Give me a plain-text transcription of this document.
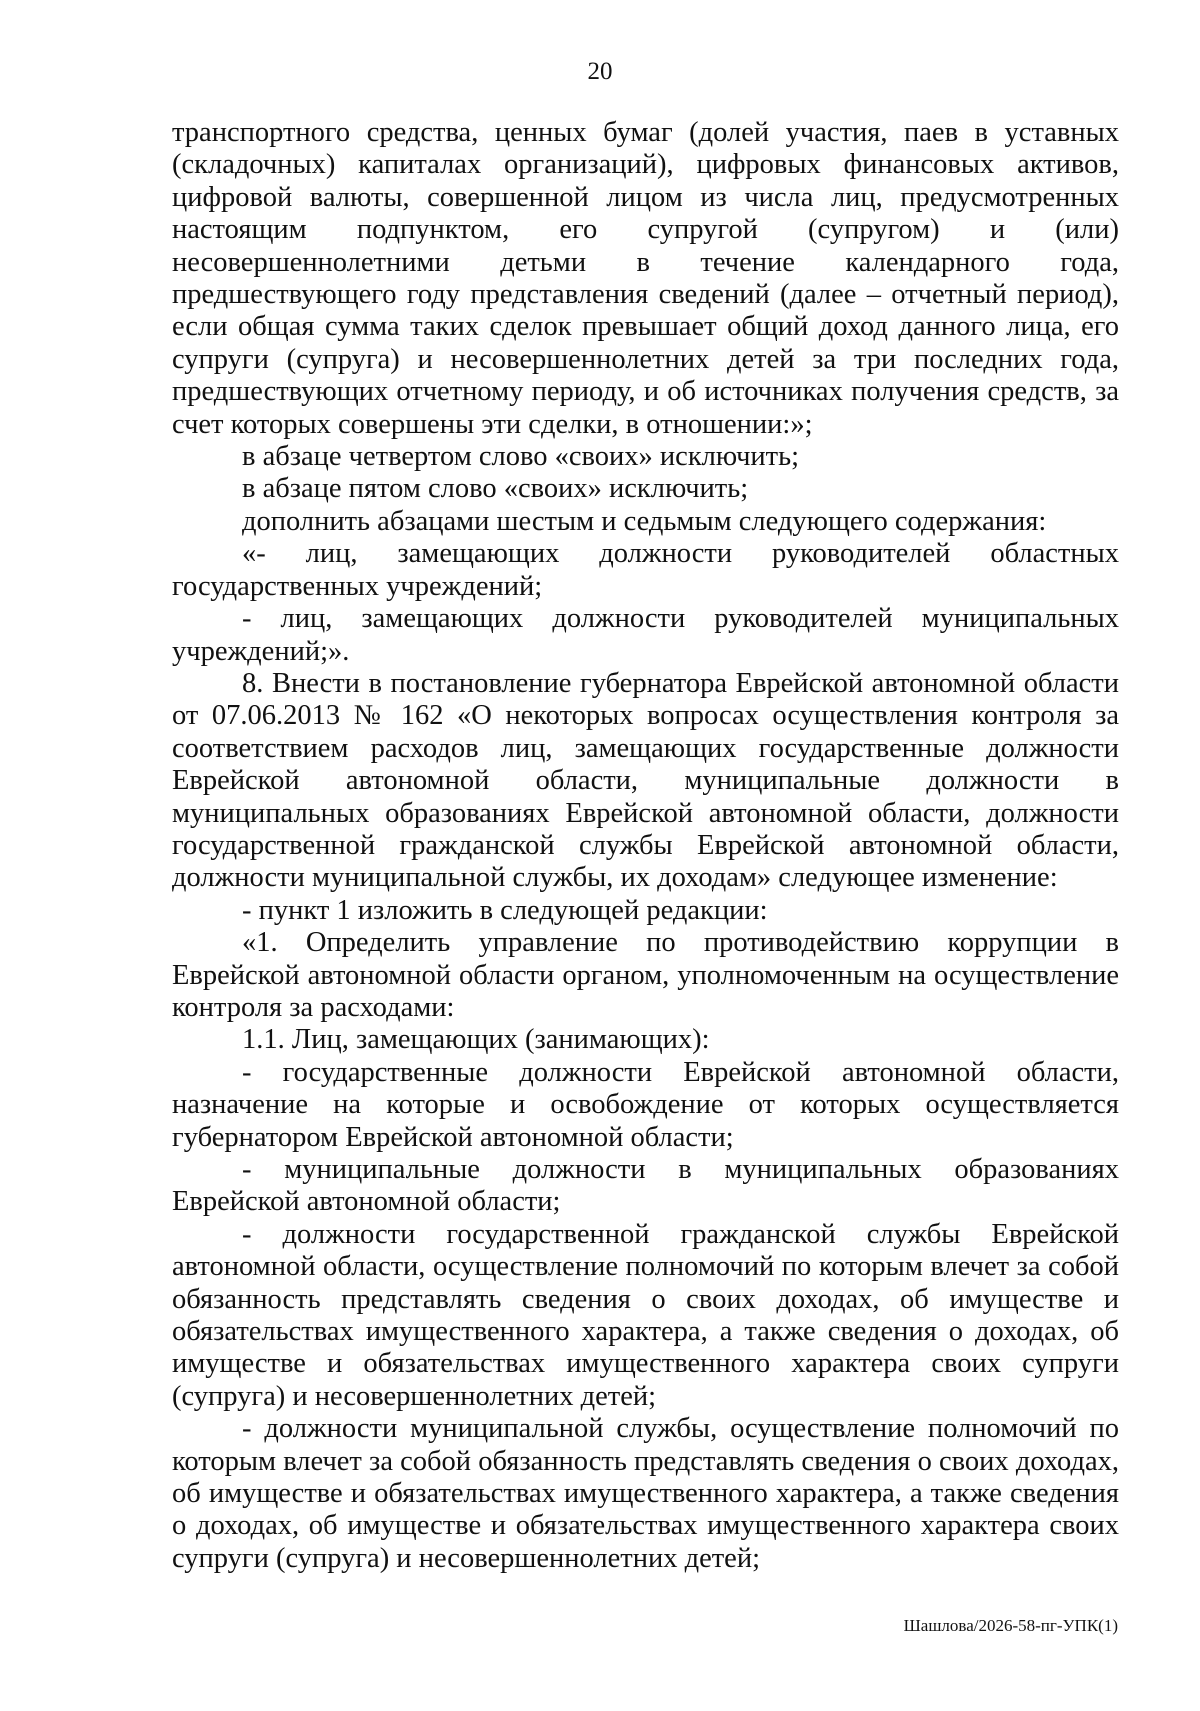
20

транспортного средства, ценных бумаг (долей участия, паев в уставных (складочных) капиталах организаций), цифровых финансовых активов, цифровой валюты, совершенной лицом из числа лиц, предусмотренных настоящим подпунктом, его супругой (супругом) и (или) несовершеннолетними детьми в течение календарного года, предшествующего году представления сведений (далее – отчетный период), если общая сумма таких сделок превышает общий доход данного лица, его супруги (супруга) и несовершеннолетних детей за три последних года, предшествующих отчетному периоду, и об источниках получения средств, за счет которых совершены эти сделки, в отношении:»;

в абзаце четвертом слово «своих» исключить;

в абзаце пятом слово «своих» исключить;

дополнить абзацами шестым и седьмым следующего содержания:

«- лиц, замещающих должности руководителей областных государственных учреждений;

- лиц, замещающих должности руководителей муниципальных учреждений;».

8. Внести в постановление губернатора Еврейской автономной области от 07.06.2013 № 162 «О некоторых вопросах осуществления контроля за соответствием расходов лиц, замещающих государственные должности Еврейской автономной области, муниципальные должности в муниципальных образованиях Еврейской автономной области, должности государственной гражданской службы Еврейской автономной области, должности муниципальной службы, их доходам» следующее изменение:

- пункт 1 изложить в следующей редакции:

«1. Определить управление по противодействию коррупции в Еврейской автономной области органом, уполномоченным на осуществление контроля за расходами:

1.1. Лиц, замещающих (занимающих):

- государственные должности Еврейской автономной области, назначение на которые и освобождение от которых осуществляется губернатором Еврейской автономной области;

- муниципальные должности в муниципальных образованиях Еврейской автономной области;

- должности государственной гражданской службы Еврейской автономной области, осуществление полномочий по которым влечет за собой обязанность представлять сведения о своих доходах, об имуществе и обязательствах имущественного характера, а также сведения о доходах, об имуществе и обязательствах имущественного характера своих супруги (супруга) и несовершеннолетних детей;

- должности муниципальной службы, осуществление полномочий по которым влечет за собой обязанность представлять сведения о своих доходах, об имуществе и обязательствах имущественного характера, а также сведения о доходах, об имуществе и обязательствах имущественного характера своих супруги (супруга) и несовершеннолетних детей;

Шашлова/2026-58-пг-УПК(1)
